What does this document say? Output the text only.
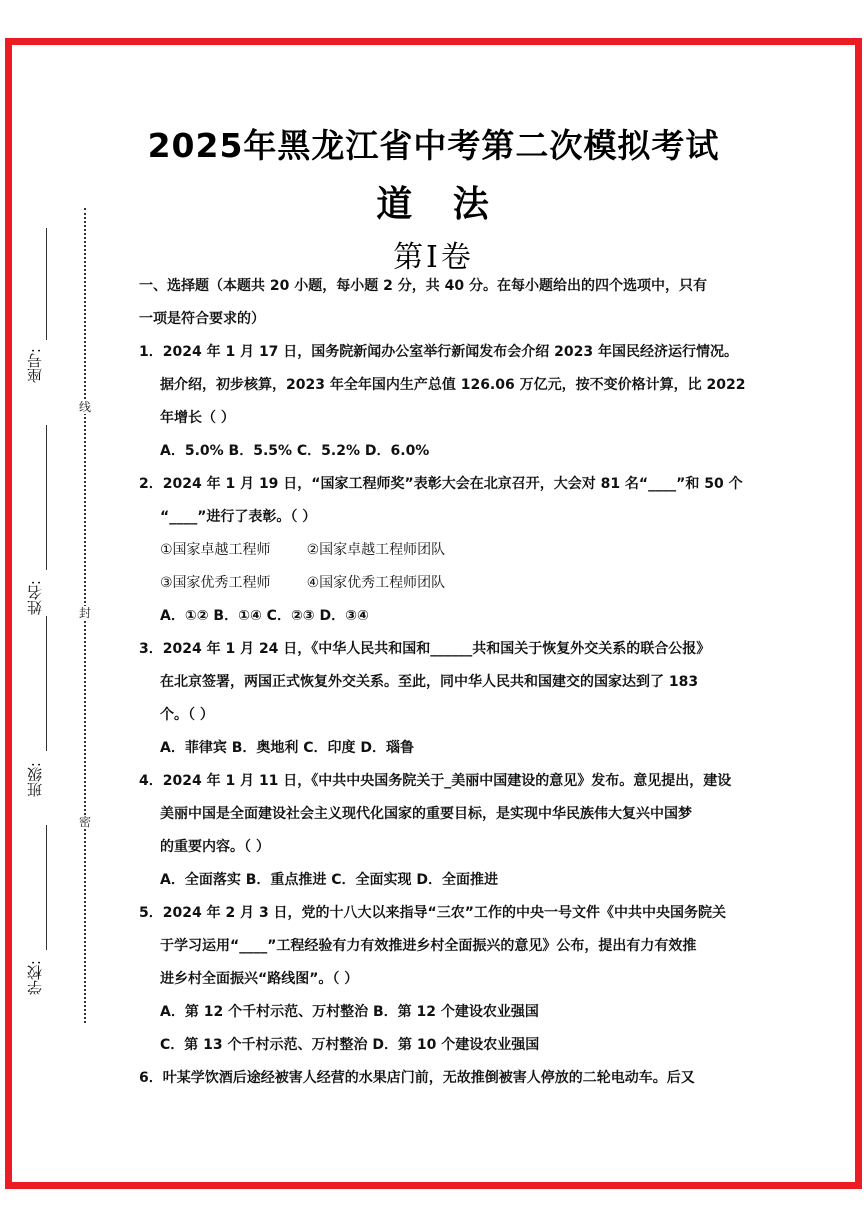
座号:
姓名:
班级:
学校:
线
封
密
2025年黑龙江省中考第二次模拟考试
道 法
第Ⅰ卷
一、选择题（本题共 20 小题，每小题 2 分，共 40 分。在每小题给出的四个选项中，只有
一项是符合要求的）
1．2024 年 1 月 17 日，国务院新闻办公室举行新闻发布会介绍 2023 年国民经济运行情况。
据介绍，初步核算，2023 年全年国内生产总值 126.06 万亿元，按不变价格计算，比 2022
年增长（ ）
A．5.0% B．5.5% C．5.2% D．6.0%
2．2024 年 1 月 19 日，“国家工程师奖”表彰大会在北京召开，大会对 81 名“____”和 50 个
“____”进行了表彰。（ ）
①国家卓越工程师	②国家卓越工程师团队
③国家优秀工程师	④国家优秀工程师团队
A．①② B．①④ C．②③ D．③④
3．2024 年 1 月 24 日，《中华人民共和国和______共和国关于恢复外交关系的联合公报》
在北京签署，两国正式恢复外交关系。至此，同中华人民共和国建交的国家达到了 183
个。（ ）
A．菲律宾 B．奥地利 C．印度 D．瑙鲁
4．2024 年 1 月 11 日，《中共中央国务院关于_美丽中国建设的意见》发布。意见提出，建设
美丽中国是全面建设社会主义现代化国家的重要目标，是实现中华民族伟大复兴中国梦
的重要内容。（ ）
A．全面落实 B．重点推进 C．全面实现 D．全面推进
5．2024 年 2 月 3 日，党的十八大以来指导“三农”工作的中央一号文件《中共中央国务院关
于学习运用“____”工程经验有力有效推进乡村全面振兴的意见》公布，提出有力有效推
进乡村全面振兴“路线图”。（ ）
A．第 12 个千村示范、万村整治 B．第 12 个建设农业强国
C．第 13 个千村示范、万村整治 D．第 10 个建设农业强国
6．叶某学饮酒后途经被害人经营的水果店门前，无故推倒被害人停放的二轮电动车。后又
